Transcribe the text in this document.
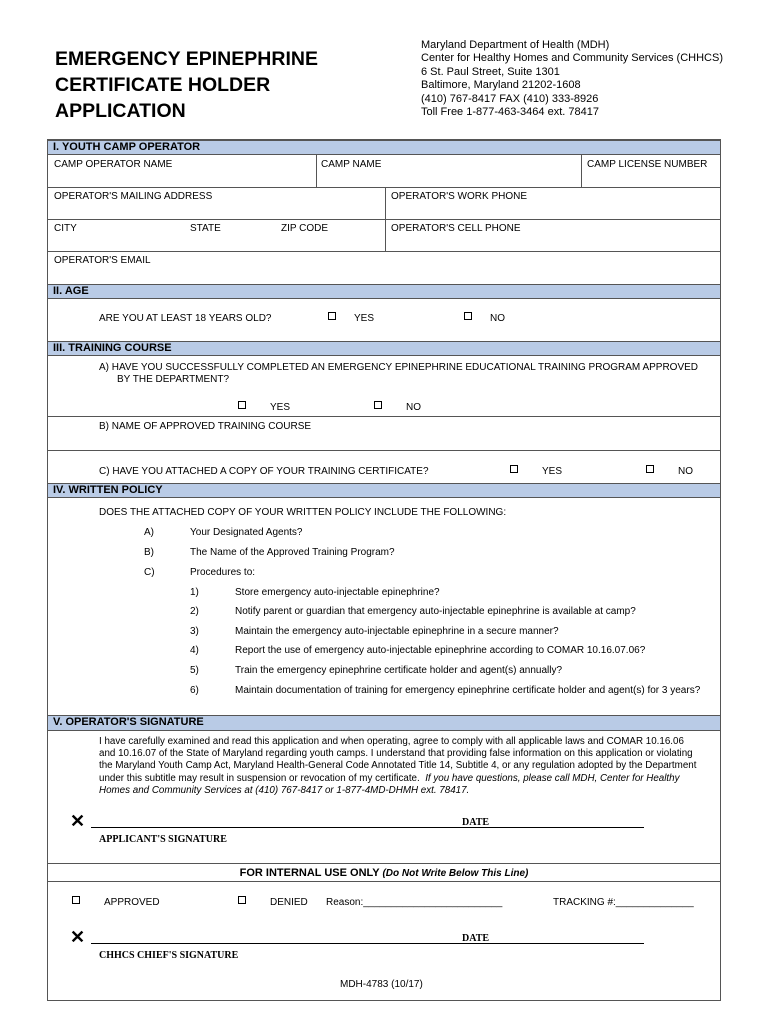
EMERGENCY EPINEPHRINE
CERTIFICATE HOLDER
APPLICATION
Maryland Department of Health (MDH)
Center for Healthy Homes and Community Services (CHHCS)
6 St. Paul Street, Suite 1301
Baltimore, Maryland 21202-1608
(410) 767-8417 FAX (410) 333-8926
Toll Free 1-877-463-3464 ext. 78417
I. YOUTH CAMP OPERATOR
CAMP OPERATOR NAME	CAMP NAME	CAMP LICENSE NUMBER
OPERATOR'S MAILING ADDRESS	OPERATOR'S WORK PHONE
CITY	STATE	ZIP CODE	OPERATOR'S CELL PHONE
OPERATOR'S EMAIL
II. AGE
ARE YOU AT LEAST 18 YEARS OLD?	YES	NO
III. TRAINING COURSE
A) HAVE YOU SUCCESSFULLY COMPLETED AN EMERGENCY EPINEPHRINE EDUCATIONAL TRAINING PROGRAM APPROVED
BY THE DEPARTMENT?
YES	NO
B) NAME OF APPROVED TRAINING COURSE
C) HAVE YOU ATTACHED A COPY OF YOUR TRAINING CERTIFICATE?	YES	NO
IV. WRITTEN POLICY
DOES THE ATTACHED COPY OF YOUR WRITTEN POLICY INCLUDE THE FOLLOWING:
A)	Your Designated Agents?
B)	The Name of the Approved Training Program?
C)	Procedures to:
1)	Store emergency auto-injectable epinephrine?
2)	Notify parent or guardian that emergency auto-injectable epinephrine is available at camp?
3)	Maintain the emergency auto-injectable epinephrine in a secure manner?
4)	Report the use of emergency auto-injectable epinephrine according to COMAR 10.16.07.06?
5)	Train the emergency epinephrine certificate holder and agent(s) annually?
6)	Maintain documentation of training for emergency epinephrine certificate holder and agent(s) for 3 years?
V. OPERATOR'S SIGNATURE
I have carefully examined and read this application and when operating, agree to comply with all applicable laws and COMAR 10.16.06 and 10.16.07 of the State of Maryland regarding youth camps. I understand that providing false information on this application or violating the Maryland Youth Camp Act, Maryland Health-General Code Annotated Title 14, Subtitle 4, or any regulation adopted by the Department under this subtitle may result in suspension or revocation of my certificate. If you have questions, please call MDH, Center for Healthy Homes and Community Services at (410) 767-8417 or 1-877-4MD-DHMH ext. 78417.
✕	DATE
APPLICANT'S SIGNATURE
FOR INTERNAL USE ONLY (Do Not Write Below This Line)
APPROVED	DENIED Reason:_________________________	TRACKING #:______________
✕	DATE
CHHCS CHIEF'S SIGNATURE
MDH-4783 (10/17)
